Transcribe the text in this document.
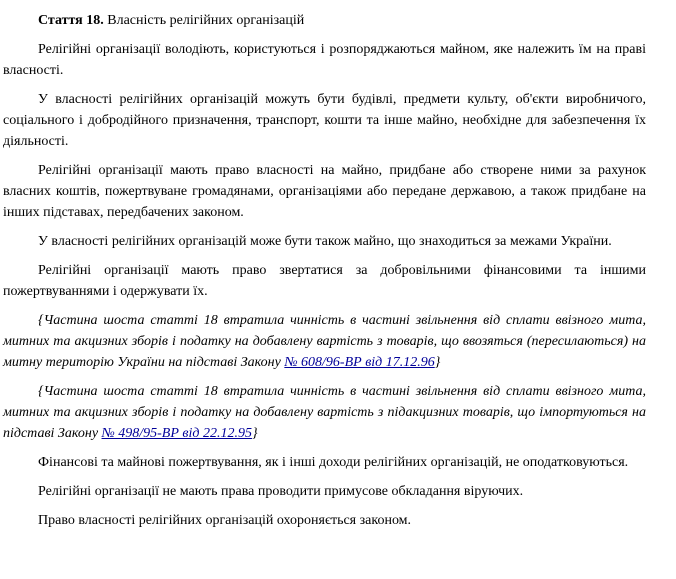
Стаття 18. Власність релігійних організацій

Релігійні організації володіють, користуються і розпоряджаються майном, яке належить їм на праві власності.

У власності релігійних організацій можуть бути будівлі, предмети культу, об'єкти виробничого, соціального і добродійного призначення, транспорт, кошти та інше майно, необхідне для забезпечення їх діяльності.

Релігійні організації мають право власності на майно, придбане або створене ними за рахунок власних коштів, пожертвуване громадянами, організаціями або передане державою, а також придбане на інших підставах, передбачених законом.

У власності релігійних організацій може бути також майно, що знаходиться за межами України.

Релігійні організації мають право звертатися за добровільними фінансовими та іншими пожертвуваннями і одержувати їх.

{Частина шоста статті 18 втратила чинність в частині звільнення від сплати ввізного мита, митних та акцизних зборів і податку на добавлену вартість з товарів, що ввозяться (пересилаються) на митну територію України на підставі Закону № 608/96-ВР від 17.12.96}

{Частина шоста статті 18 втратила чинність в частині звільнення від сплати ввізного мита, митних та акцизних зборів і податку на добавлену вартість з підакцизних товарів, що імпортуються на підставі Закону № 498/95-ВР від 22.12.95}

Фінансові та майнові пожертвування, як і інші доходи релігійних організацій, не оподатковуються.

Релігійні організації не мають права проводити примусове обкладання віруючих.

Право власності релігійних організацій охороняється законом.
